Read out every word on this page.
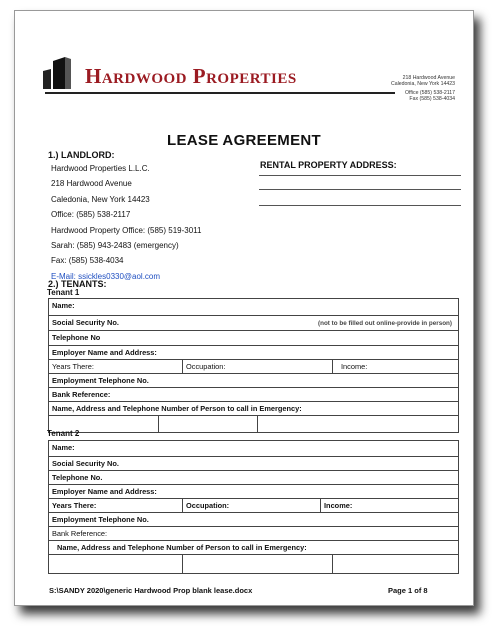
Hardwood Properties	218 Hardwood Avenue
Caledonia, New York 14423
Office (585) 538-2117
Fax (585) 538-4034
LEASE AGREEMENT
1.) LANDLORD:
Hardwood Properties L.L.C.
218 Hardwood Avenue
Caledonia, New York 14423
Office: (585) 538-2117
Hardwood Property Office: (585) 519-3011
Sarah: (585) 943-2483 (emergency)
Fax: (585) 538-4034
E-Mail: ssickles0330@aol.com
RENTAL PROPERTY ADDRESS:
2.) TENANTS:
Tenant 1
Name:
Social Security No.	(not to be filled out online-provide in person)
Telephone No
Employer Name and Address:
Years There:	Occupation:	Income:
Employment Telephone No.
Bank Reference:
Name, Address and Telephone Number of Person to call in Emergency:
Tenant 2
Name:
Social Security No.
Telephone No.
Employer Name and Address:
Years There:	Occupation:	Income:
Employment Telephone No.
Bank Reference:
Name, Address and Telephone Number of Person to call in Emergency:
S:\SANDY 2020\generic Hardwood Prop blank lease.docx	Page 1 of 8
